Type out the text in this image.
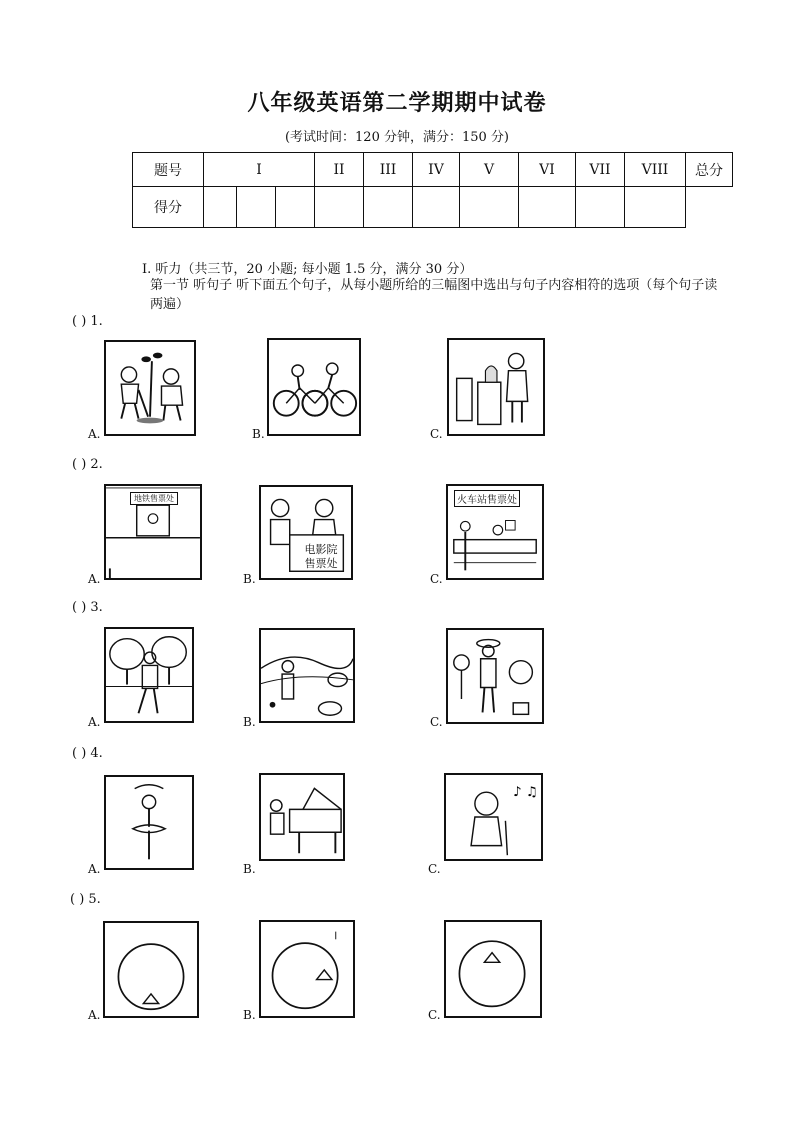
八年级英语第二学期期中试卷
(考试时间：120 分钟，满分：150 分)
题号	I			II	III	IV	V	VI	VII	VIII	总分
得分											
I. 听力（共三节，20 小题; 每小题 1.5 分，满分 30 分）
第一节 听句子 听下面五个句子，从每小题所给的三幅图中选出与句子内容相符的选项（每个句子读两遍）
( ) 1.
A.	B.	C.
( ) 2.
地铁售票处
A.
电影院
售票处
B.
火车站售票处
C.
( ) 3.
A.	B.	C.
( ) 4.
A.	B.
♪ ♫
C.
( ) 5.
A.	B.	C.
